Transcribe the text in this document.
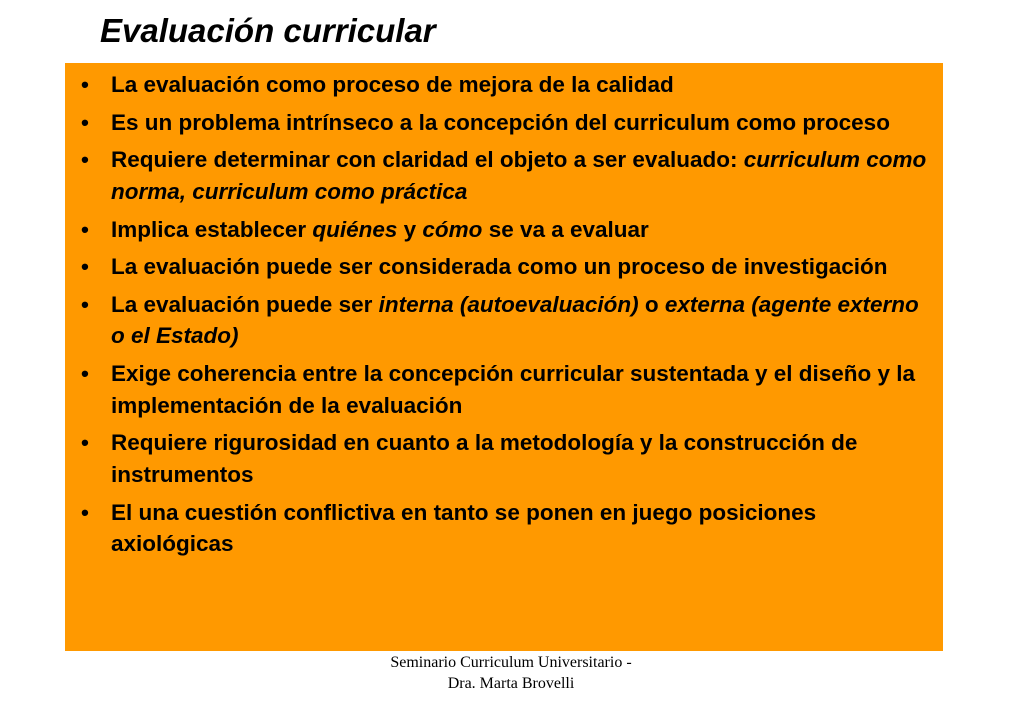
Evaluación curricular
• La evaluación como proceso de mejora de la calidad
• Es un problema intrínseco a la concepción del curriculum como proceso
• Requiere determinar con claridad el objeto a ser evaluado: curriculum como norma, curriculum como práctica
• Implica establecer quiénes y cómo se va a evaluar
• La evaluación puede ser considerada como un proceso de investigación
• La evaluación puede ser interna (autoevaluación) o externa (agente externo o el Estado)
• Exige coherencia entre la concepción curricular sustentada y el diseño y la implementación de la evaluación
• Requiere rigurosidad en cuanto a la metodología y la construcción de instrumentos
• El una cuestión conflictiva en tanto se ponen en juego posiciones axiológicas
Seminario Curriculum Universitario -
Dra. Marta Brovelli
